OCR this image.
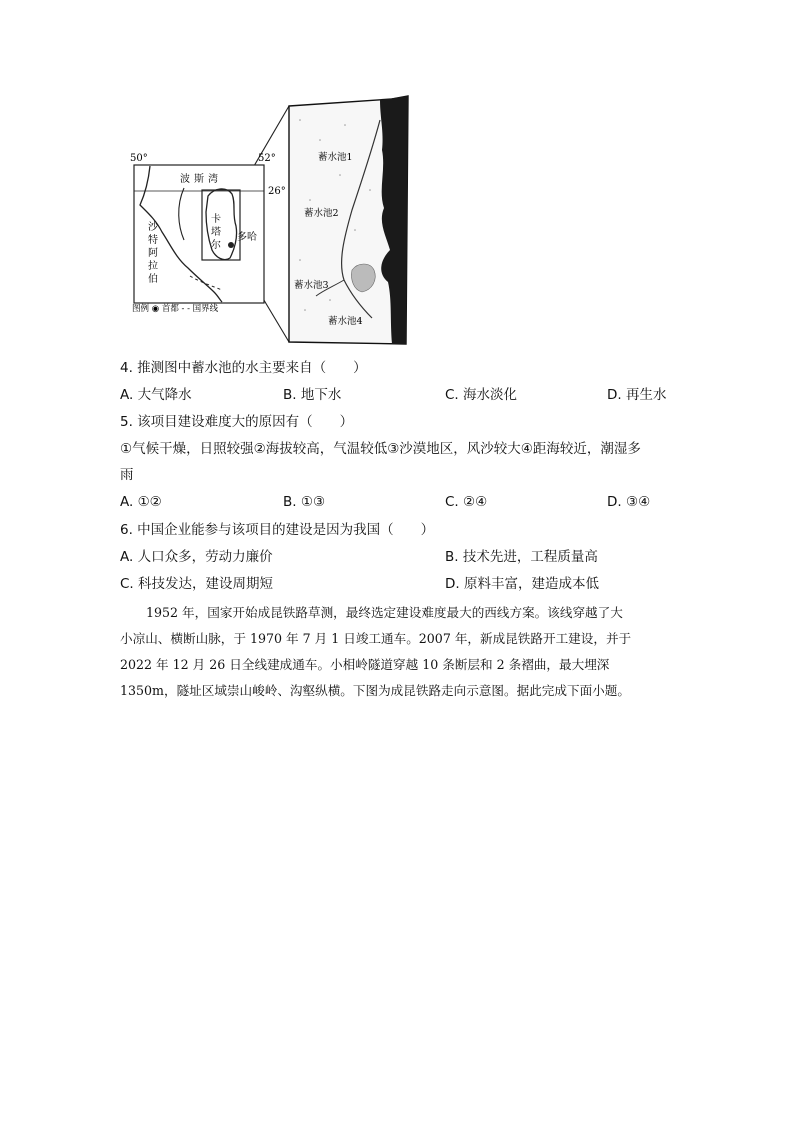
50°	52°
26°
波斯湾
沙
特
阿
拉
伯
卡
塔
尔
多哈
图例 ◉ 首都 - - 国界线
蓄水池1
蓄水池2
蓄水池3
蓄水池4
4. 推测图中蓄水池的水主要来自（　　）
A. 大气降水	B. 地下水	C. 海水淡化	D. 再生水
5. 该项目建设难度大的原因有（　　）
①气候干燥，日照较强②海拔较高，气温较低③沙漠地区，风沙较大④距海较近，潮湿多
雨
A. ①②	B. ①③	C. ②④	D. ③④
6. 中国企业能参与该项目的建设是因为我国（　　）
A. 人口众多，劳动力廉价	B. 技术先进，工程质量高
C. 科技发达，建设周期短	D. 原料丰富，建造成本低
1952 年，国家开始成昆铁路草测，最终选定建设难度最大的西线方案。该线穿越了大
小凉山、横断山脉，于 1970 年 7 月 1 日竣工通车。2007 年，新成昆铁路开工建设，并于
2022 年 12 月 26 日全线建成通车。小相岭隧道穿越 10 条断层和 2 条褶曲，最大埋深
1350m，隧址区域崇山峻岭、沟壑纵横。下图为成昆铁路走向示意图。据此完成下面小题。
